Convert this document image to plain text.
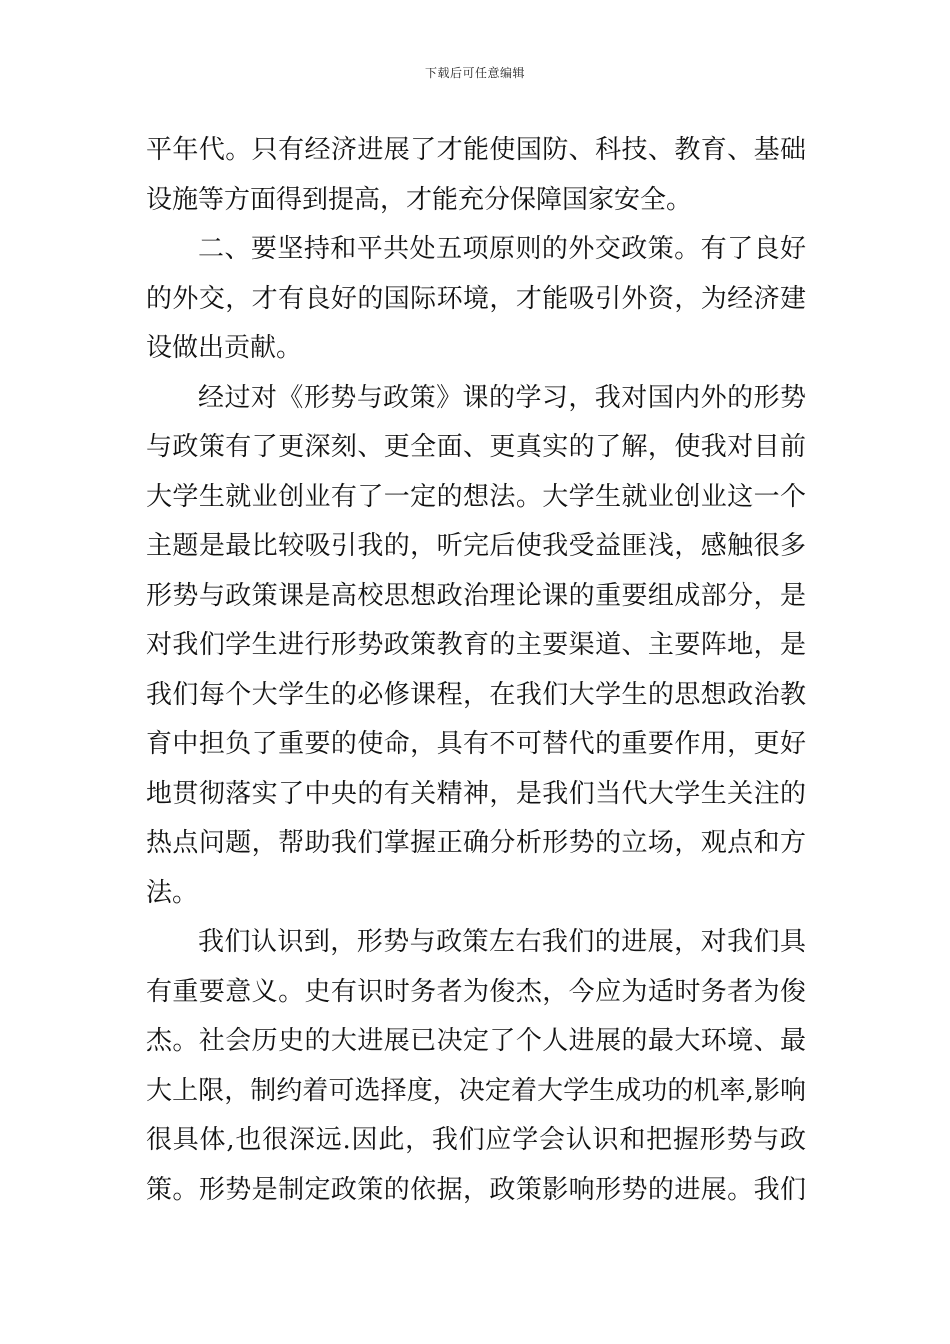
下载后可任意编辑
平年代。只有经济进展了才能使国防、科技、教育、基础
设施等方面得到提高，才能充分保障国家安全。
二、要坚持和平共处五项原则的外交政策。有了良好
的外交，才有良好的国际环境，才能吸引外资，为经济建
设做出贡献。
经过对《形势与政策》课的学习，我对国内外的形势
与政策有了更深刻、更全面、更真实的了解，使我对目前
大学生就业创业有了一定的想法。大学生就业创业这一个
主题是最比较吸引我的，听完后使我受益匪浅，感触很多
形势与政策课是高校思想政治理论课的重要组成部分，是
对我们学生进行形势政策教育的主要渠道、主要阵地，是
我们每个大学生的必修课程，在我们大学生的思想政治教
育中担负了重要的使命，具有不可替代的重要作用，更好
地贯彻落实了中央的有关精神，是我们当代大学生关注的
热点问题，帮助我们掌握正确分析形势的立场，观点和方
法。
我们认识到，形势与政策左右我们的进展，对我们具
有重要意义。史有识时务者为俊杰，今应为适时务者为俊
杰。社会历史的大进展已决定了个人进展的最大环境、最
大上限，制约着可选择度，决定着大学生成功的机率,影响
很具体,也很深远.因此，我们应学会认识和把握形势与政
策。形势是制定政策的依据，政策影响形势的进展。我们
